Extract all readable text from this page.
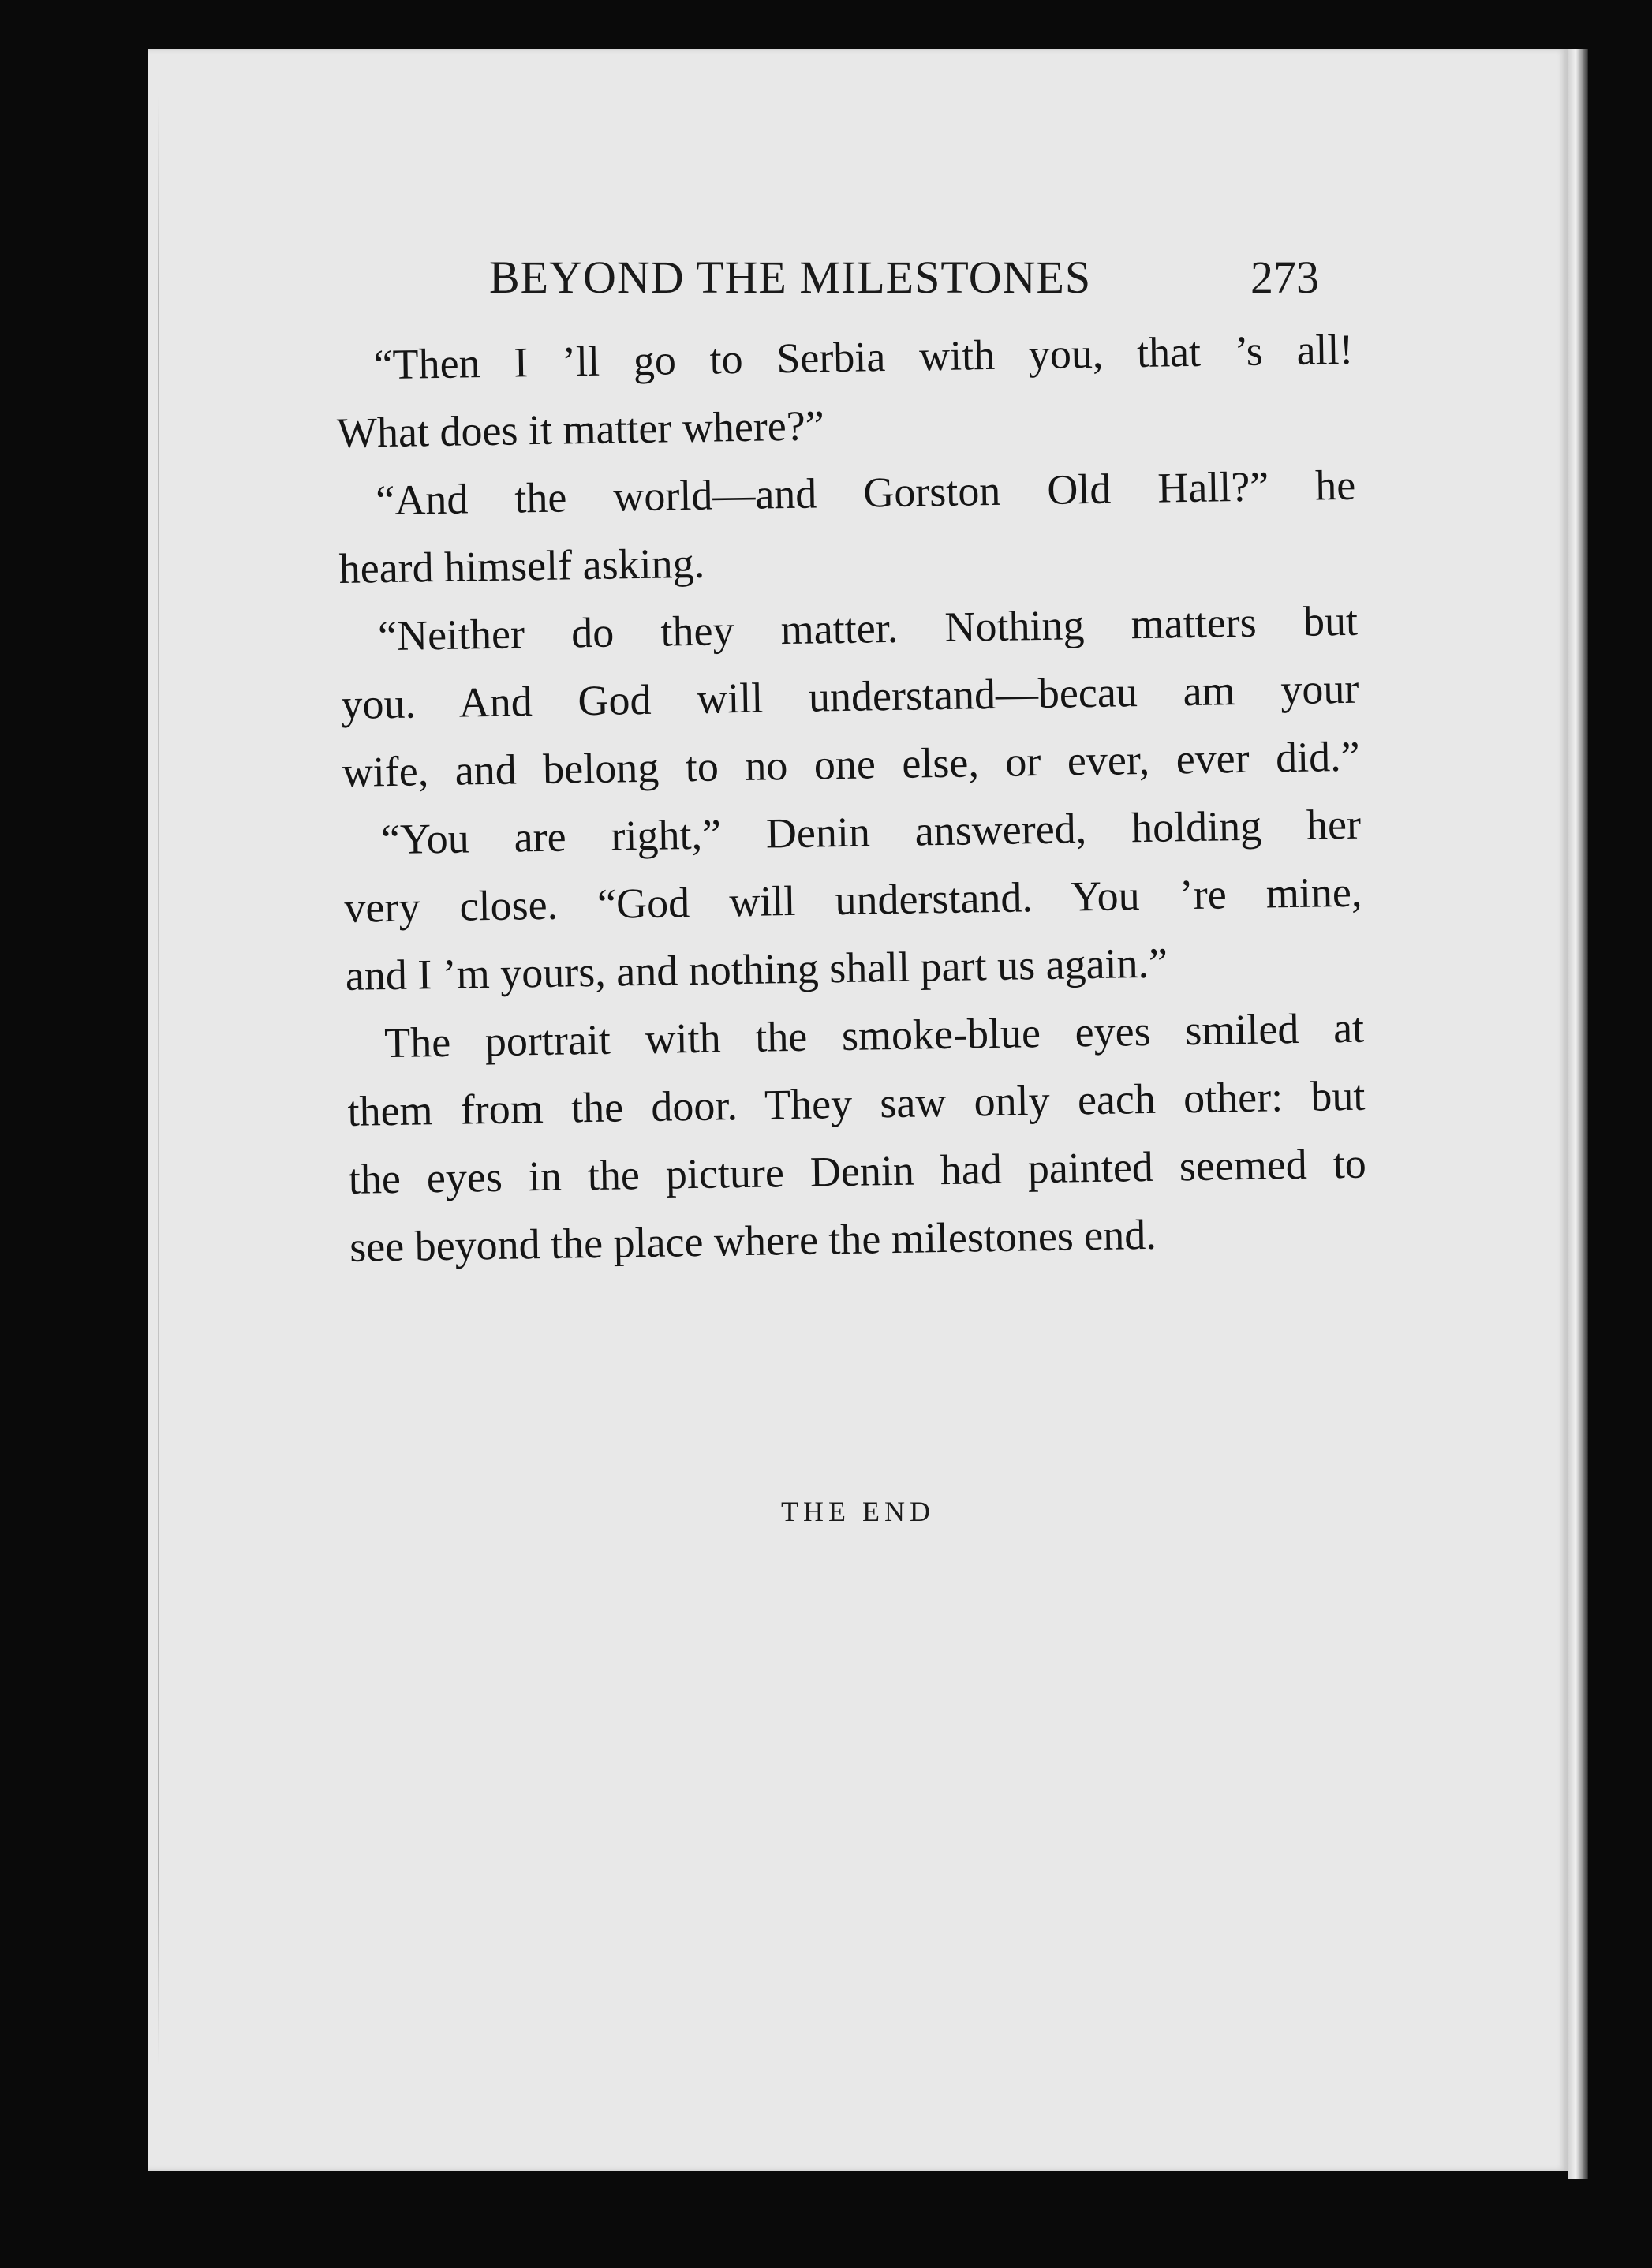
BEYOND THE MILESTONES	273
“Then I ’ll go to Serbia with you, that ’s all!
What does it matter where?”
“And the world—and Gorston Old Hall?” he
heard himself asking.
“Neither do they matter. Nothing matters but
you. And God will understand—becau am your
wife, and belong to no one else, or ever, ever did.”
“You are right,” Denin answered, holding her
very close. “God will understand. You ’re mine,
and I ’m yours, and nothing shall part us again.”
The portrait with the smoke-blue eyes smiled at
them from the door. They saw only each other: but
the eyes in the picture Denin had painted seemed to
see beyond the place where the milestones end.
THE END
